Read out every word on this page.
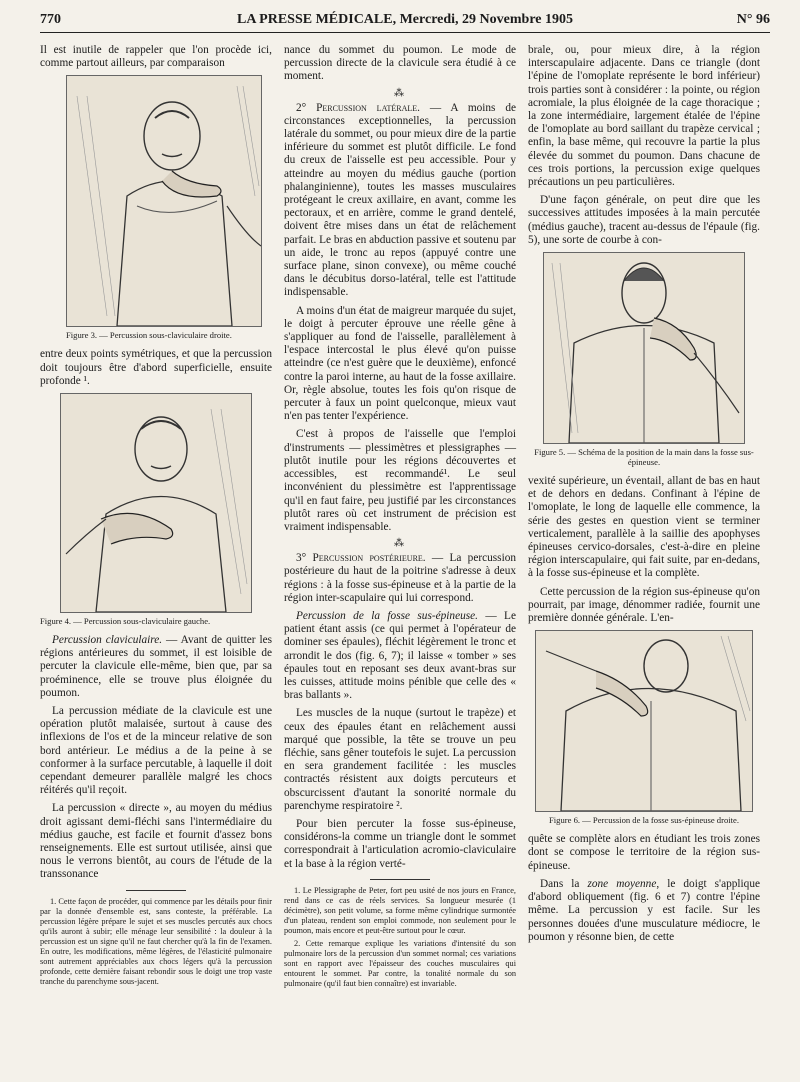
770	LA PRESSE MÉDICALE, Mercredi, 29 Novembre 1905	N° 96

Il est inutile de rappeler que l'on procède ici, comme partout ailleurs, par comparaison

Figure 3. — Percussion sous-claviculaire droite.

entre deux points symétriques, et que la percussion doit toujours être d'abord superficielle, ensuite profonde ¹.

Figure 4. — Percussion sous-claviculaire gauche.

Percussion claviculaire. — Avant de quitter les régions antérieures du sommet, il est loisible de percuter la clavicule elle-même, bien que, par sa proéminence, elle se trouve plus éloignée du poumon.

La percussion médiate de la clavicule est une opération plutôt malaisée, surtout à cause des inflexions de l'os et de la minceur relative de son bord antérieur. Le médius a de la peine à se conformer à la surface percutable, à laquelle il doit cependant demeurer parallèle malgré les chocs réitérés qu'il reçoit.

La percussion « directe », au moyen du médius droit agissant demi-fléchi sans l'intermédiaire du médius gauche, est facile et fournit d'assez bons renseignements. Elle est surtout utilisée, ainsi que nous le verrons bientôt, au cours de l'étude de la transsonance

1. Cette façon de procéder, qui commence par les détails pour finir par la donnée d'ensemble est, sans conteste, la préférable. La percussion légère prépare le sujet et ses muscles percutés aux chocs qu'ils auront à subir; elle ménage leur sensibilité : la douleur à la percussion est un signe qu'il ne faut chercher qu'à la fin de l'examen. En outre, les modifications, même légères, de l'élasticité pulmonaire sont autrement appréciables aux chocs légers qu'à la percussion profonde, cette dernière faisant rebondir sous le doigt une trop vaste tranche du parenchyme sous-jacent.

nance du sommet du poumon. Le mode de percussion directe de la clavicule sera étudié à ce moment.

⁂

2° Percussion latérale. — A moins de circonstances exceptionnelles, la percussion latérale du sommet, ou pour mieux dire de la partie inférieure du sommet est plutôt difficile. Le fond du creux de l'aisselle est peu accessible. Pour y atteindre au moyen du médius gauche (portion phalanginienne), toutes les masses musculaires protégeant le creux axillaire, en avant, comme les pectoraux, et en arrière, comme le grand dentelé, doivent être mises dans un état de relâchement parfait. Le bras en abduction passive et soutenu par un aide, le tronc au repos (appuyé contre une surface plane, sinon convexe), ou même couché dans le décubitus dorso-latéral, telle est l'attitude indispensable.

A moins d'un état de maigreur marquée du sujet, le doigt à percuter éprouve une réelle gêne à s'appliquer au fond de l'aisselle, parallèlement à l'espace intercostal le plus élevé qu'on puisse atteindre (ce n'est guère que le deuxième), enfoncé contre la paroi interne, au haut de la fosse axillaire. Or, règle absolue, toutes les fois qu'on risque de percuter à faux un point quelconque, mieux vaut n'en pas tenter l'expérience.

C'est à propos de l'aisselle que l'emploi d'instruments — plessimètres et plessigraphes — plutôt inutile pour les régions découvertes et accessibles, est recommandé¹. Le seul inconvénient du plessimètre est l'apprentissage qu'il en faut faire, peu justifié par les circonstances plutôt rares où cet instrument de précision est vraiment indispensable.

⁂

3° Percussion postérieure. — La percussion postérieure du haut de la poitrine s'adresse à deux régions : à la fosse sus-épineuse et à la partie de la région inter-scapulaire qui lui correspond.

Percussion de la fosse sus-épineuse. — Le patient étant assis (ce qui permet à l'opérateur de dominer ses épaules), fléchit légèrement le tronc et arrondit le dos (fig. 6, 7); il laisse « tomber » ses épaules tout en reposant ses deux avant-bras sur les cuisses, attitude moins pénible que celle des « bras ballants ».

Les muscles de la nuque (surtout le trapèze) et ceux des épaules étant en relâchement aussi marqué que possible, la tête se trouve un peu fléchie, sans gêner toutefois le sujet. La percussion en sera grandement facilitée : les muscles contractés résistent aux doigts percuteurs et obscurcissent d'autant la sonorité normale du parenchyme respiratoire ².

Pour bien percuter la fosse sus-épineuse, considérons-la comme un triangle dont le sommet correspondrait à l'articulation acromio-claviculaire et la base à la région verté-

1. Le Plessigraphe de Peter, fort peu usité de nos jours en France, rend dans ce cas de réels services. Sa longueur mesurée (1 décimètre), son petit volume, sa forme même cylindrique surmontée d'un plateau, rendent son emploi commode, non seulement pour le poumon, mais encore et peut-être surtout pour le cœur.

2. Cette remarque explique les variations d'intensité du son pulmonaire lors de la percussion d'un sommet normal; ces variations sont en rapport avec l'épaisseur des couches musculaires qui entourent le sommet. Par contre, la tonalité normale du son pulmonaire (qu'il faut bien connaître) est invariable.

brale, ou, pour mieux dire, à la région interscapulaire adjacente. Dans ce triangle (dont l'épine de l'omoplate représente le bord inférieur) trois parties sont à considérer : la pointe, ou région acromiale, la plus éloignée de la cage thoracique ; la zone intermédiaire, largement étalée de l'épine de l'omoplate au bord saillant du trapèze cervical ; enfin, la base même, qui recouvre la partie la plus élevée du sommet du poumon. Dans chacune de ces trois portions, la percussion exige quelques précautions un peu particulières.

D'une façon générale, on peut dire que les successives attitudes imposées à la main percutée (médius gauche), tracent au-dessus de l'épaule (fig. 5), une sorte de courbe à con-

Figure 5. — Schéma de la position de la main dans la fosse sus-épineuse.

vexité supérieure, un éventail, allant de bas en haut et de dehors en dedans. Confinant à l'épine de l'omoplate, le long de laquelle elle commence, la série des gestes en question vient se terminer verticalement, parallèle à la saillie des apophyses épineuses cervico-dorsales, c'est-à-dire en pleine région interscapulaire, qui fait suite, par en-dedans, à la fosse sus-épineuse et la complète.

Cette percussion de la région sus-épineuse qu'on pourrait, par image, dénommer radiée, fournit une première donnée générale. L'en-

Figure 6. — Percussion de la fosse sus-épineuse droite.

quête se complète alors en étudiant les trois zones dont se compose le territoire de la région sus-épineuse.

Dans la zone moyenne, le doigt s'applique d'abord obliquement (fig. 6 et 7) contre l'épine même. La percussion y est facile. Sur les personnes douées d'une musculature médiocre, le poumon y résonne bien, de cette
